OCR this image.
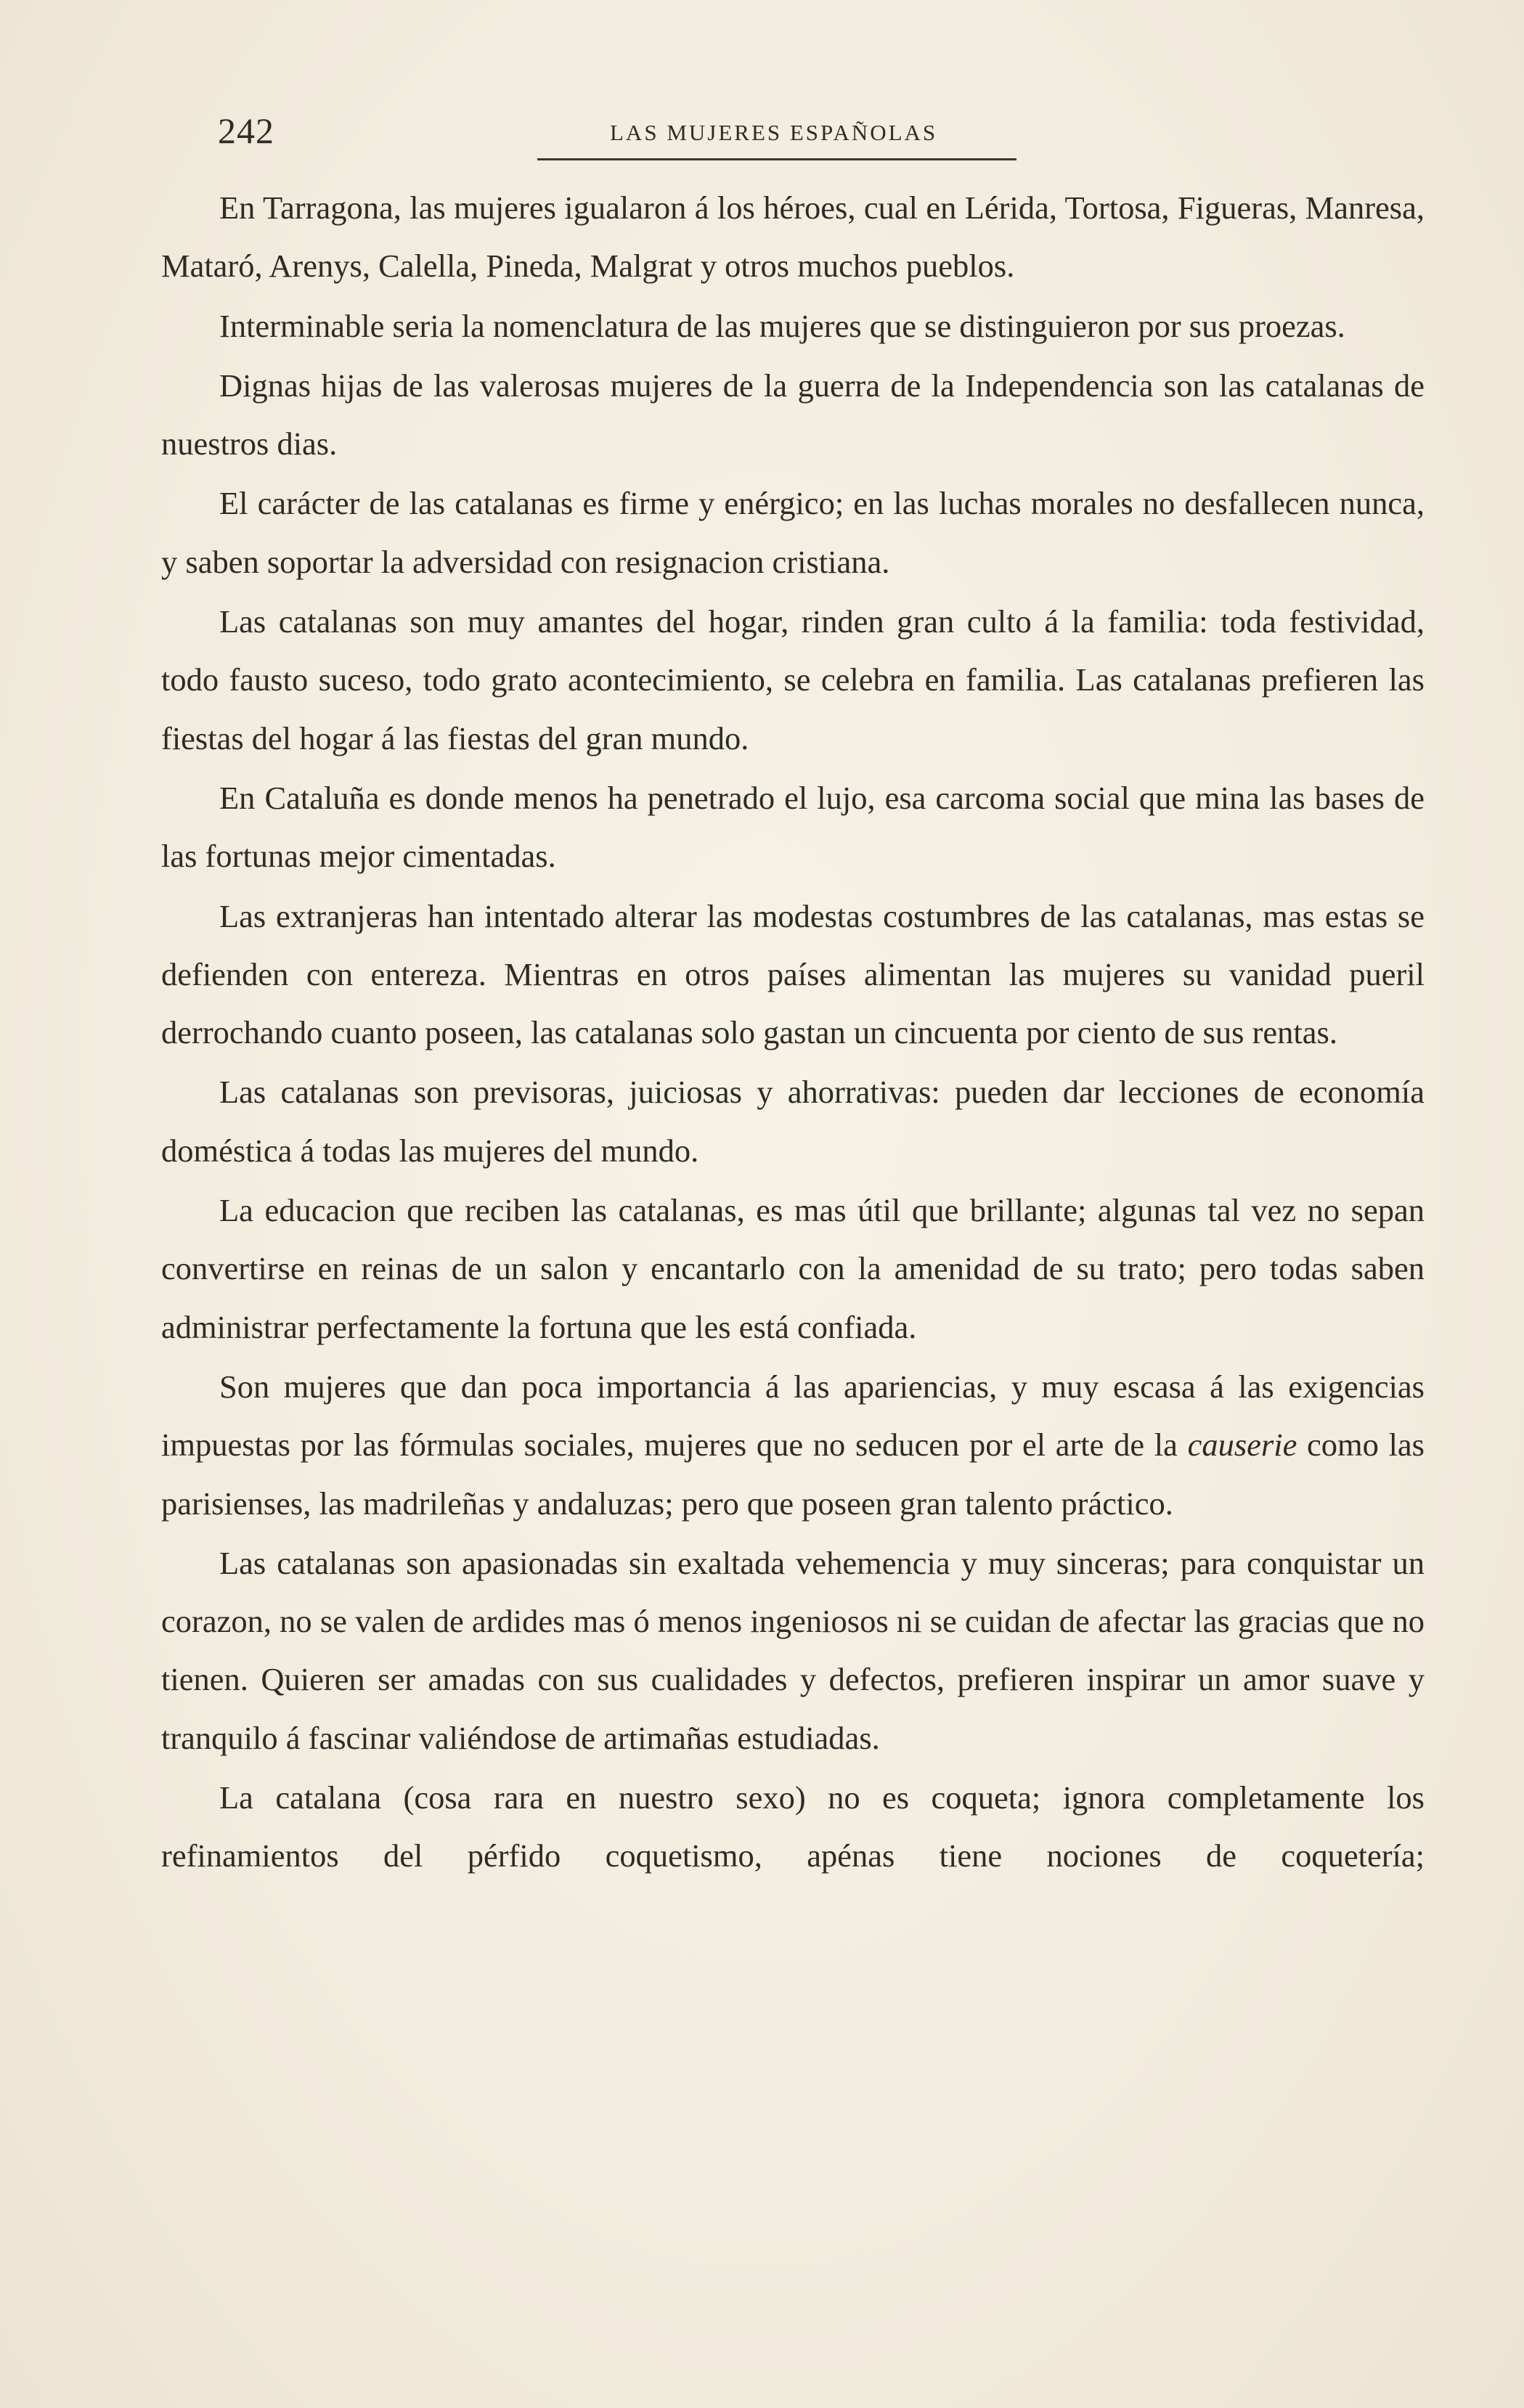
242	LAS MUJERES ESPAÑOLAS

En Tarragona, las mujeres igualaron á los héroes, cual en Lérida, Tortosa, Figueras, Manresa, Mataró, Arenys, Calella, Pineda, Malgrat y otros muchos pueblos.

Interminable seria la nomenclatura de las mujeres que se distinguieron por sus proezas.

Dignas hijas de las valerosas mujeres de la guerra de la Independencia son las catalanas de nuestros dias.

El carácter de las catalanas es firme y enérgico; en las luchas morales no desfallecen nunca, y saben soportar la adversidad con resignacion cristiana.

Las catalanas son muy amantes del hogar, rinden gran culto á la familia: toda festividad, todo fausto suceso, todo grato acontecimiento, se celebra en familia. Las catalanas prefieren las fiestas del hogar á las fiestas del gran mundo.

En Cataluña es donde menos ha penetrado el lujo, esa carcoma social que mina las bases de las fortunas mejor cimentadas.

Las extranjeras han intentado alterar las modestas costumbres de las catalanas, mas estas se defienden con entereza. Mientras en otros países alimentan las mujeres su vanidad pueril derrochando cuanto poseen, las catalanas solo gastan un cincuenta por ciento de sus rentas.

Las catalanas son previsoras, juiciosas y ahorrativas: pueden dar lecciones de economía doméstica á todas las mujeres del mundo.

La educacion que reciben las catalanas, es mas útil que brillante; algunas tal vez no sepan convertirse en reinas de un salon y encantarlo con la amenidad de su trato; pero todas saben administrar perfectamente la fortuna que les está confiada.

Son mujeres que dan poca importancia á las apariencias, y muy escasa á las exigencias impuestas por las fórmulas sociales, mujeres que no seducen por el arte de la causerie como las parisienses, las madrileñas y andaluzas; pero que poseen gran talento práctico.

Las catalanas son apasionadas sin exaltada vehemencia y muy sinceras; para conquistar un corazon, no se valen de ardides mas ó menos ingeniosos ni se cuidan de afectar las gracias que no tienen. Quieren ser amadas con sus cualidades y defectos, prefieren inspirar un amor suave y tranquilo á fascinar valiéndose de artimañas estudiadas.

La catalana (cosa rara en nuestro sexo) no es coqueta; ignora completamente los refinamientos del pérfido coquetismo, apénas tiene nociones de coquetería;
